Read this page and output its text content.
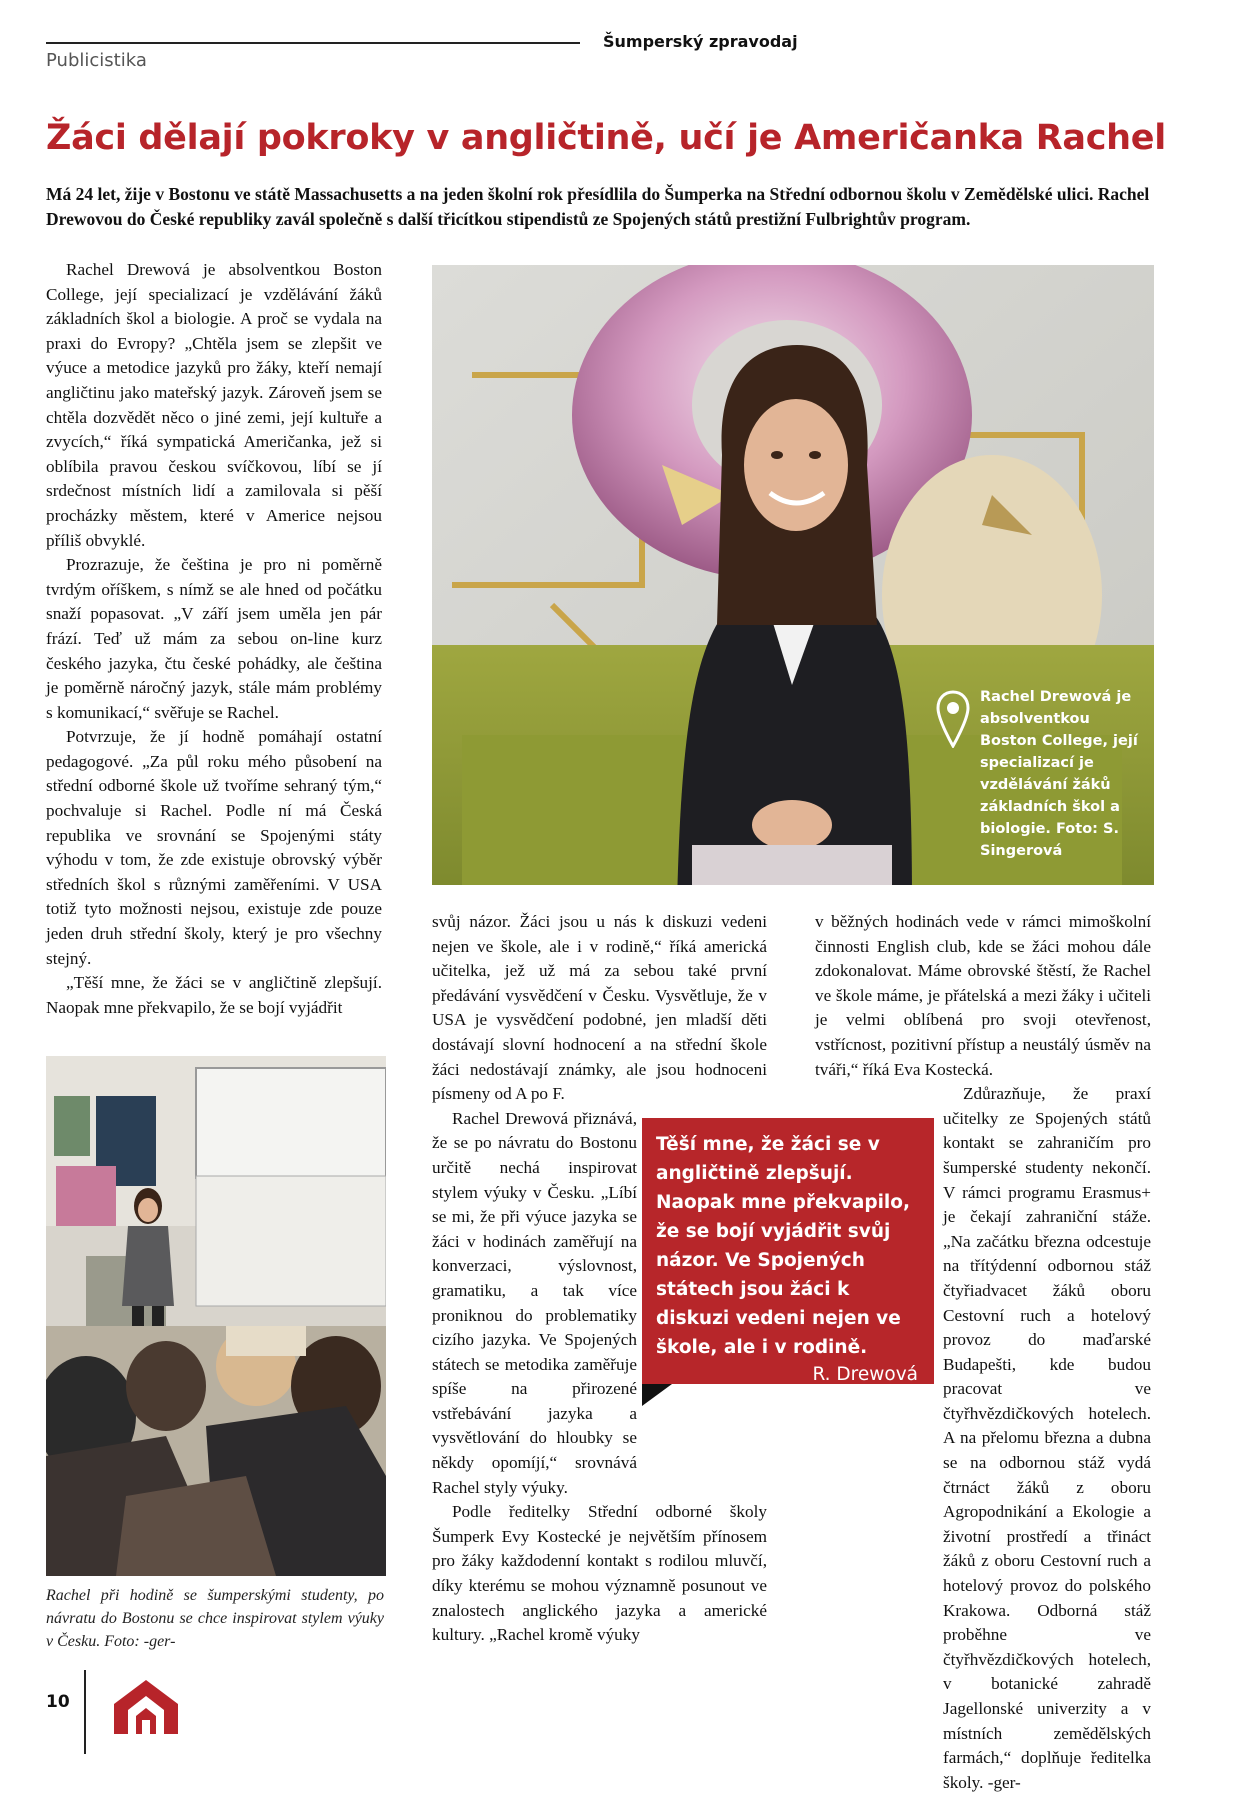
Šumperský zpravodaj
Publicistika
Žáci dělají pokroky v angličtině, učí je Američanka Rachel
Má 24 let, žije v Bostonu ve státě Massachusetts a na jeden školní rok přesídlila do Šumperka na Střední odbornou školu v Zemědělské ulici. Rachel Drewovou do České republiky zavál společně s další třicítkou stipendistů ze Spojených států prestižní Fulbrightův program.

Rachel Drewová je absolventkou Boston College, její specializací je vzdělávání žáků základních škol a biologie. A proč se vydala na praxi do Evropy? „Chtěla jsem se zlepšit ve výuce a metodice jazyků pro žáky, kteří nemají angličtinu jako mateřský jazyk. Zároveň jsem se chtěla dozvědět něco o jiné zemi, její kultuře a zvycích,“ říká sympatická Američanka, jež si oblíbila pravou českou svíčkovou, líbí se jí srdečnost místních lidí a zamilovala si pěší procházky městem, které v Americe nejsou příliš obvyklé.

Prozrazuje, že čeština je pro ni poměrně tvrdým oříškem, s nímž se ale hned od počátku snaží popasovat. „V září jsem uměla jen pár frází. Teď už mám za sebou on-line kurz českého jazyka, čtu české pohádky, ale čeština je poměrně náročný jazyk, stále mám problémy s komunikací,“ svěřuje se Rachel.

Potvrzuje, že jí hodně pomáhají ostatní pedagogové. „Za půl roku mého působení na střední odborné škole už tvoříme sehraný tým,“ pochvaluje si Rachel. Podle ní má Česká republika ve srovnání se Spojenými státy výhodu v tom, že zde existuje obrovský výběr středních škol s různými zaměřeními. V USA totiž tyto možnosti nejsou, existuje zde pouze jeden druh střední školy, který je pro všechny stejný.

„Těší mne, že žáci se v angličtině zlepšují. Naopak mne překvapilo, že se bojí vyjádřit

Rachel Drewová je absolventkou Boston College, její specializací je vzdělávání žáků základních škol a biologie. Foto: S. Singerová
Rachel při hodině se šumperskými studenty, po návratu do Bostonu se chce inspirovat stylem výuky v Česku. Foto: -ger-

svůj názor. Žáci jsou u nás k diskuzi vedeni nejen ve škole, ale i v rodině,“ říká americká učitelka, jež už má za sebou také první předávání vysvědčení v Česku. Vysvětluje, že v USA je vysvědčení podobné, jen mladší děti dostávají slovní hodnocení a na střední škole žáci nedostávají známky, ale jsou hodnoceni písmeny od A po F.

Rachel Drewová přiznává, že se po návratu do Bostonu určitě nechá inspirovat stylem výuky v Česku. „Líbí se mi, že při výuce jazyka se žáci v hodinách zaměřují na konverzaci, výslovnost, gramatiku, a tak více proniknou do problematiky cizího jazyka. Ve Spojených státech se metodika zaměřuje spíše na přirozené vstřebávání jazyka a vysvětlování do hloubky se někdy opomíjí,“ srovnává Rachel styly výuky.

Podle ředitelky Střední odborné školy Šumperk Evy Kostecké je největším přínosem pro žáky každodenní kontakt s rodilou mluvčí, díky kterému se mohou významně posunout ve znalostech anglického jazyka a americké kultury. „Rachel kromě výuky

v běžných hodinách vede v rámci mimoškolní činnosti English club, kde se žáci mohou dále zdokonalovat. Máme obrovské štěstí, že Rachel ve škole máme, je přátelská a mezi žáky i učiteli je velmi oblíbená pro svoji otevřenost, vstřícnost, pozitivní přístup a neustálý úsměv na tváři,“ říká Eva Kostecká.

Zdůrazňuje, že praxí učitelky ze Spojených států kontakt se zahraničím pro šumperské studenty nekončí. V rámci programu Erasmus+ je čekají zahraniční stáže. „Na začátku března odcestuje na třítýdenní odbornou stáž čtyřiadvacet žáků oboru Cestovní ruch a hotelový provoz do maďarské Budapešti, kde budou pracovat ve čtyřhvězdičkových hotelech. A na přelomu března a dubna se na odbornou stáž vydá čtrnáct žáků z oboru Agropodnikání a Ekologie a životní prostředí a třináct žáků z oboru Cestovní ruch a hotelový provoz do polského Krakowa. Odborná stáž proběhne ve čtyřhvězdičkových hotelech, v botanické zahradě Jagellonské univerzity a v místních zemědělských farmách,“ doplňuje ředitelka školy. -ger-

Těší mne, že žáci se v angličtině zlepšují. Naopak mne překvapilo, že se bojí vyjádřit svůj názor. Ve Spojených státech jsou žáci k diskuzi vedeni nejen ve škole, ale i v rodině.
R. Drewová
10
